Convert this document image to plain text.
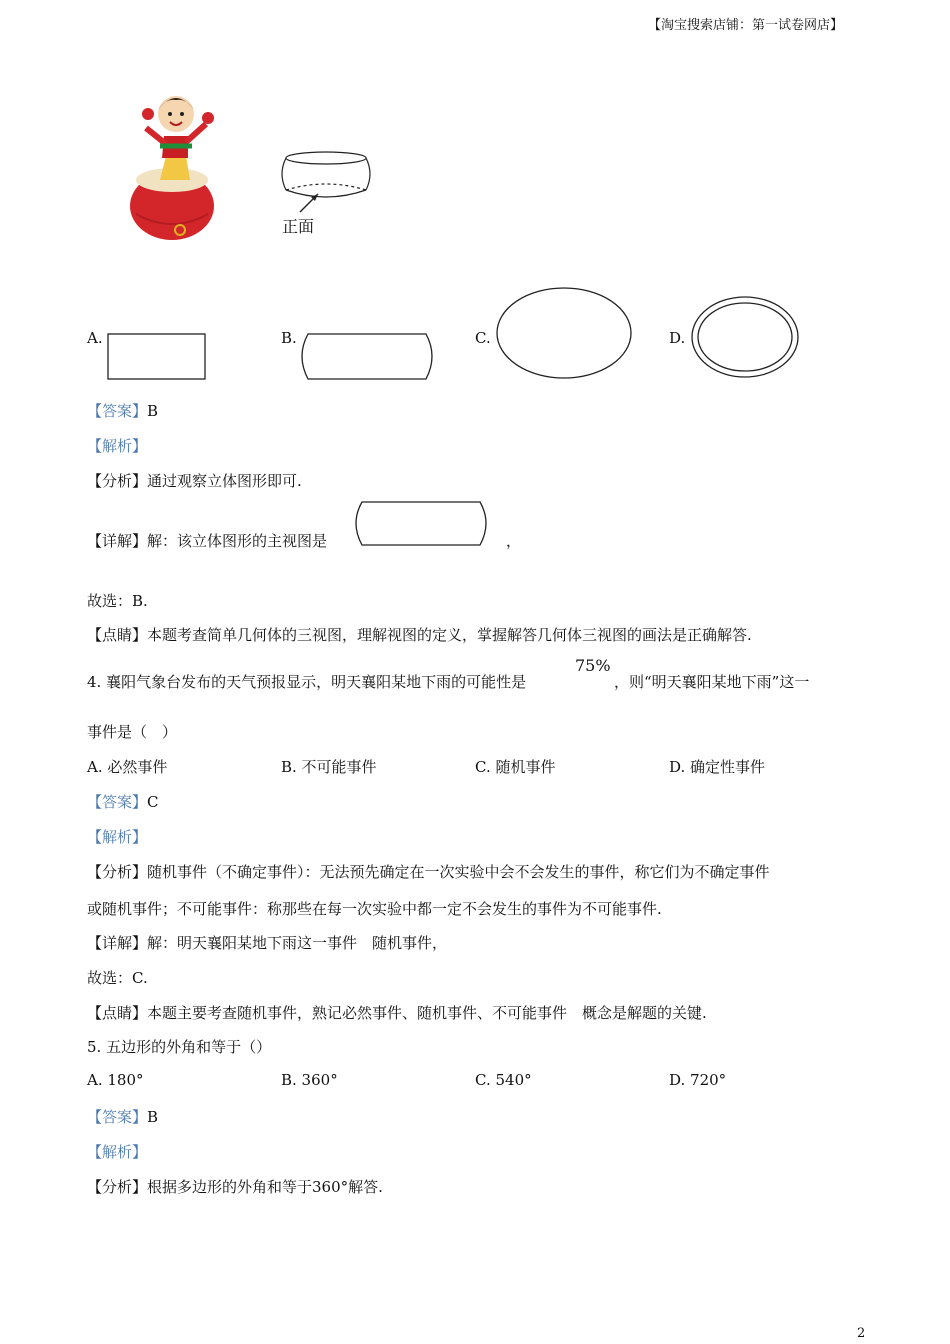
【淘宝搜索店铺：第一试卷网店】
正面
A.	B.	C.	D.
【答案】B
【解析】
【分析】通过观察立体图形即可.
【详解】解：该立体图形的主视图是	，
故选：B.
【点睛】本题考查简单几何体的三视图，理解视图的定义，掌握解答几何体三视图的画法是正确解答.
4. 襄阳气象台发布的天气预报显示，明天襄阳某地下雨的可能性是
75%
，则“明天襄阳某地下雨”这一
事件是（　）
A. 必然事件	B. 不可能事件	C. 随机事件	D. 确定性事件
【答案】C
【解析】
【分析】随机事件（不确定事件）：无法预先确定在一次实验中会不会发生的事件，称它们为不确定事件
或随机事件；不可能事件：称那些在每一次实验中都一定不会发生的事件为不可能事件.
【详解】解：明天襄阳某地下雨这一事件　随机事件，
故选：C.
【点睛】本题主要考查随机事件，熟记必然事件、随机事件、不可能事件　概念是解题的关键.
5. 五边形的外角和等于（）
A. 180°	B. 360°	C. 540°	D. 720°
【答案】B
【解析】
【分析】根据多边形的外角和等于360°解答.
2
